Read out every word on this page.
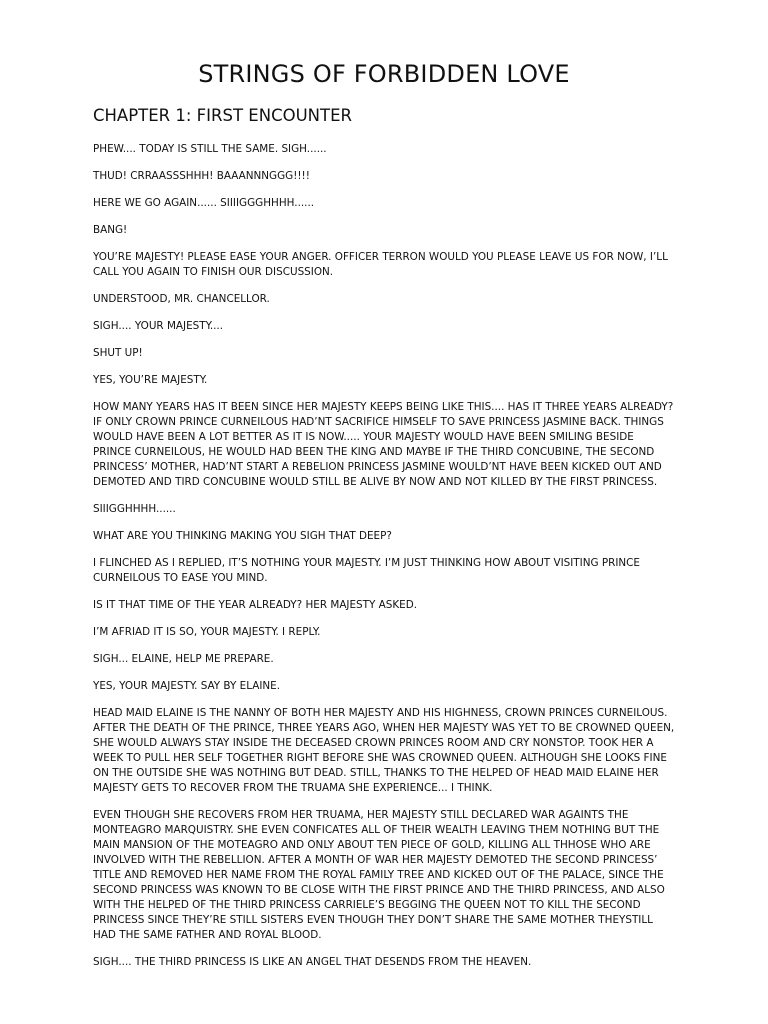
STRINGS OF FORBIDDEN LOVE
CHAPTER 1: FIRST ENCOUNTER

PHEW.... TODAY IS STILL THE SAME. SIGH......

THUD! CRRAASSSHHH! BAAANNNGGG!!!!

HERE WE GO AGAIN...... SIIIIGGGHHHH......

BANG!

YOU’RE MAJESTY! PLEASE EASE YOUR ANGER. OFFICER TERRON WOULD YOU PLEASE LEAVE US FOR NOW, I’LL CALL YOU AGAIN TO FINISH OUR DISCUSSION.

UNDERSTOOD, MR. CHANCELLOR.

SIGH.... YOUR MAJESTY....

SHUT UP!

YES, YOU’RE MAJESTY.

HOW MANY YEARS HAS IT BEEN SINCE HER MAJESTY KEEPS BEING LIKE THIS.... HAS IT THREE YEARS ALREADY? IF ONLY CROWN PRINCE CURNEILOUS HAD’NT SACRIFICE HIMSELF TO SAVE PRINCESS JASMINE BACK. THINGS WOULD HAVE BEEN A LOT BETTER AS IT IS NOW..... YOUR MAJESTY WOULD HAVE BEEN SMILING BESIDE PRINCE CURNEILOUS, HE WOULD HAD BEEN THE KING AND MAYBE IF THE THIRD CONCUBINE, THE SECOND PRINCESS’ MOTHER, HAD’NT START A REBELION PRINCESS JASMINE WOULD’NT HAVE BEEN KICKED OUT AND DEMOTED AND TIRD CONCUBINE WOULD STILL BE ALIVE BY NOW AND NOT KILLED BY THE FIRST PRINCESS.

SIIIGGHHHH......

WHAT ARE YOU THINKING MAKING YOU SIGH THAT DEEP?

I FLINCHED AS I REPLIED, IT’S NOTHING YOUR MAJESTY. I’M JUST THINKING HOW ABOUT VISITING PRINCE CURNEILOUS TO EASE YOU MIND.

IS IT THAT TIME OF THE YEAR ALREADY? HER MAJESTY ASKED.

I’M AFRIAD IT IS SO, YOUR MAJESTY. I REPLY.

SIGH... ELAINE, HELP ME PREPARE.

YES, YOUR MAJESTY. SAY BY ELAINE.

HEAD MAID ELAINE IS THE NANNY OF BOTH HER MAJESTY AND HIS HIGHNESS, CROWN PRINCES CURNEILOUS. AFTER THE DEATH OF THE PRINCE, THREE YEARS AGO, WHEN HER MAJESTY WAS YET TO BE CROWNED QUEEN, SHE WOULD ALWAYS STAY INSIDE THE DECEASED CROWN PRINCES ROOM AND CRY NONSTOP. TOOK HER A WEEK TO PULL HER SELF TOGETHER RIGHT BEFORE SHE WAS CROWNED QUEEN. ALTHOUGH SHE LOOKS FINE ON THE OUTSIDE SHE WAS NOTHING BUT DEAD. STILL, THANKS TO THE HELPED OF HEAD MAID ELAINE HER MAJESTY GETS TO RECOVER FROM THE TRUAMA SHE EXPERIENCE... I THINK.

EVEN THOUGH SHE RECOVERS FROM HER TRUAMA, HER MAJESTY STILL DECLARED WAR AGAINTS THE MONTEAGRO MARQUISTRY. SHE EVEN CONFICATES ALL OF THEIR WEALTH LEAVING THEM NOTHING BUT THE MAIN MANSION OF THE MOTEAGRO AND ONLY ABOUT TEN PIECE OF GOLD, KILLING ALL THHOSE WHO ARE INVOLVED WITH THE REBELLION. AFTER A MONTH OF WAR HER MAJESTY DEMOTED THE SECOND PRINCESS’ TITLE AND REMOVED HER NAME FROM THE ROYAL FAMILY TREE AND KICKED OUT OF THE PALACE, SINCE THE SECOND PRINCESS WAS KNOWN TO BE CLOSE WITH THE FIRST PRINCE AND THE THIRD PRINCESS, AND ALSO WITH THE HELPED OF THE THIRD PRINCESS CARRIELE’S BEGGING THE QUEEN NOT TO KILL THE SECOND PRINCESS SINCE THEY’RE STILL SISTERS EVEN THOUGH THEY DON’T SHARE THE SAME MOTHER THEYSTILL HAD THE SAME FATHER AND ROYAL BLOOD.

SIGH.... THE THIRD PRINCESS IS LIKE AN ANGEL THAT DESENDS FROM THE HEAVEN.
